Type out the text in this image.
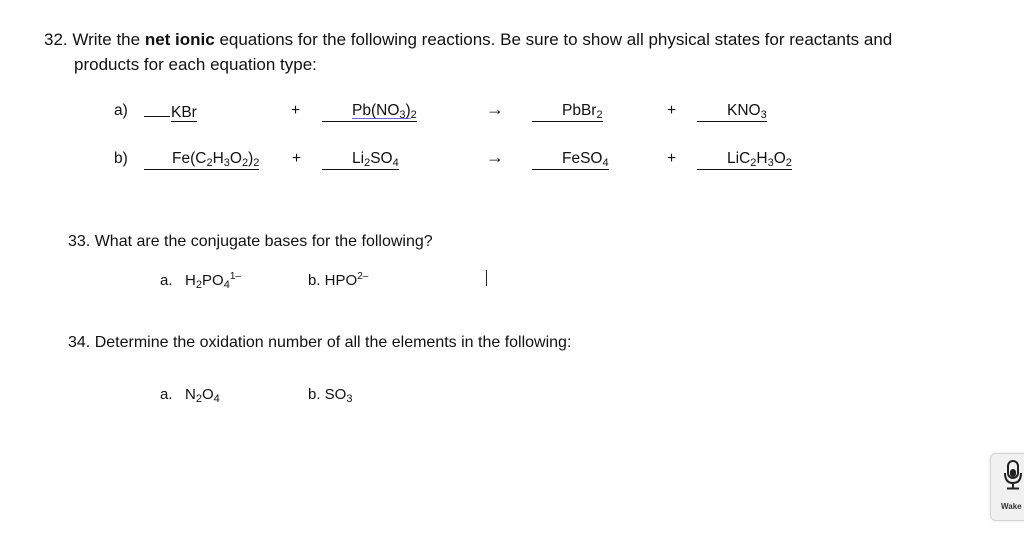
32. Write the net ionic equations for the following reactions. Be sure to show all physical states for reactants and
products for each equation type:
a)	KBr	+	Pb(NO3)2	→	PbBr2	+	KNO3
b)	Fe(C2H3O2)2 +	Li2SO4	→	FeSO4	+	LiC2H3O2
33. What are the conjugate bases for the following?
a. $H_2PO_4^{1-}$	b. $HPO^{2-}$
34. Determine the oxidation number of all the elements in the following:
a. $N_2O_4$	b. $SO_3$
Wake
